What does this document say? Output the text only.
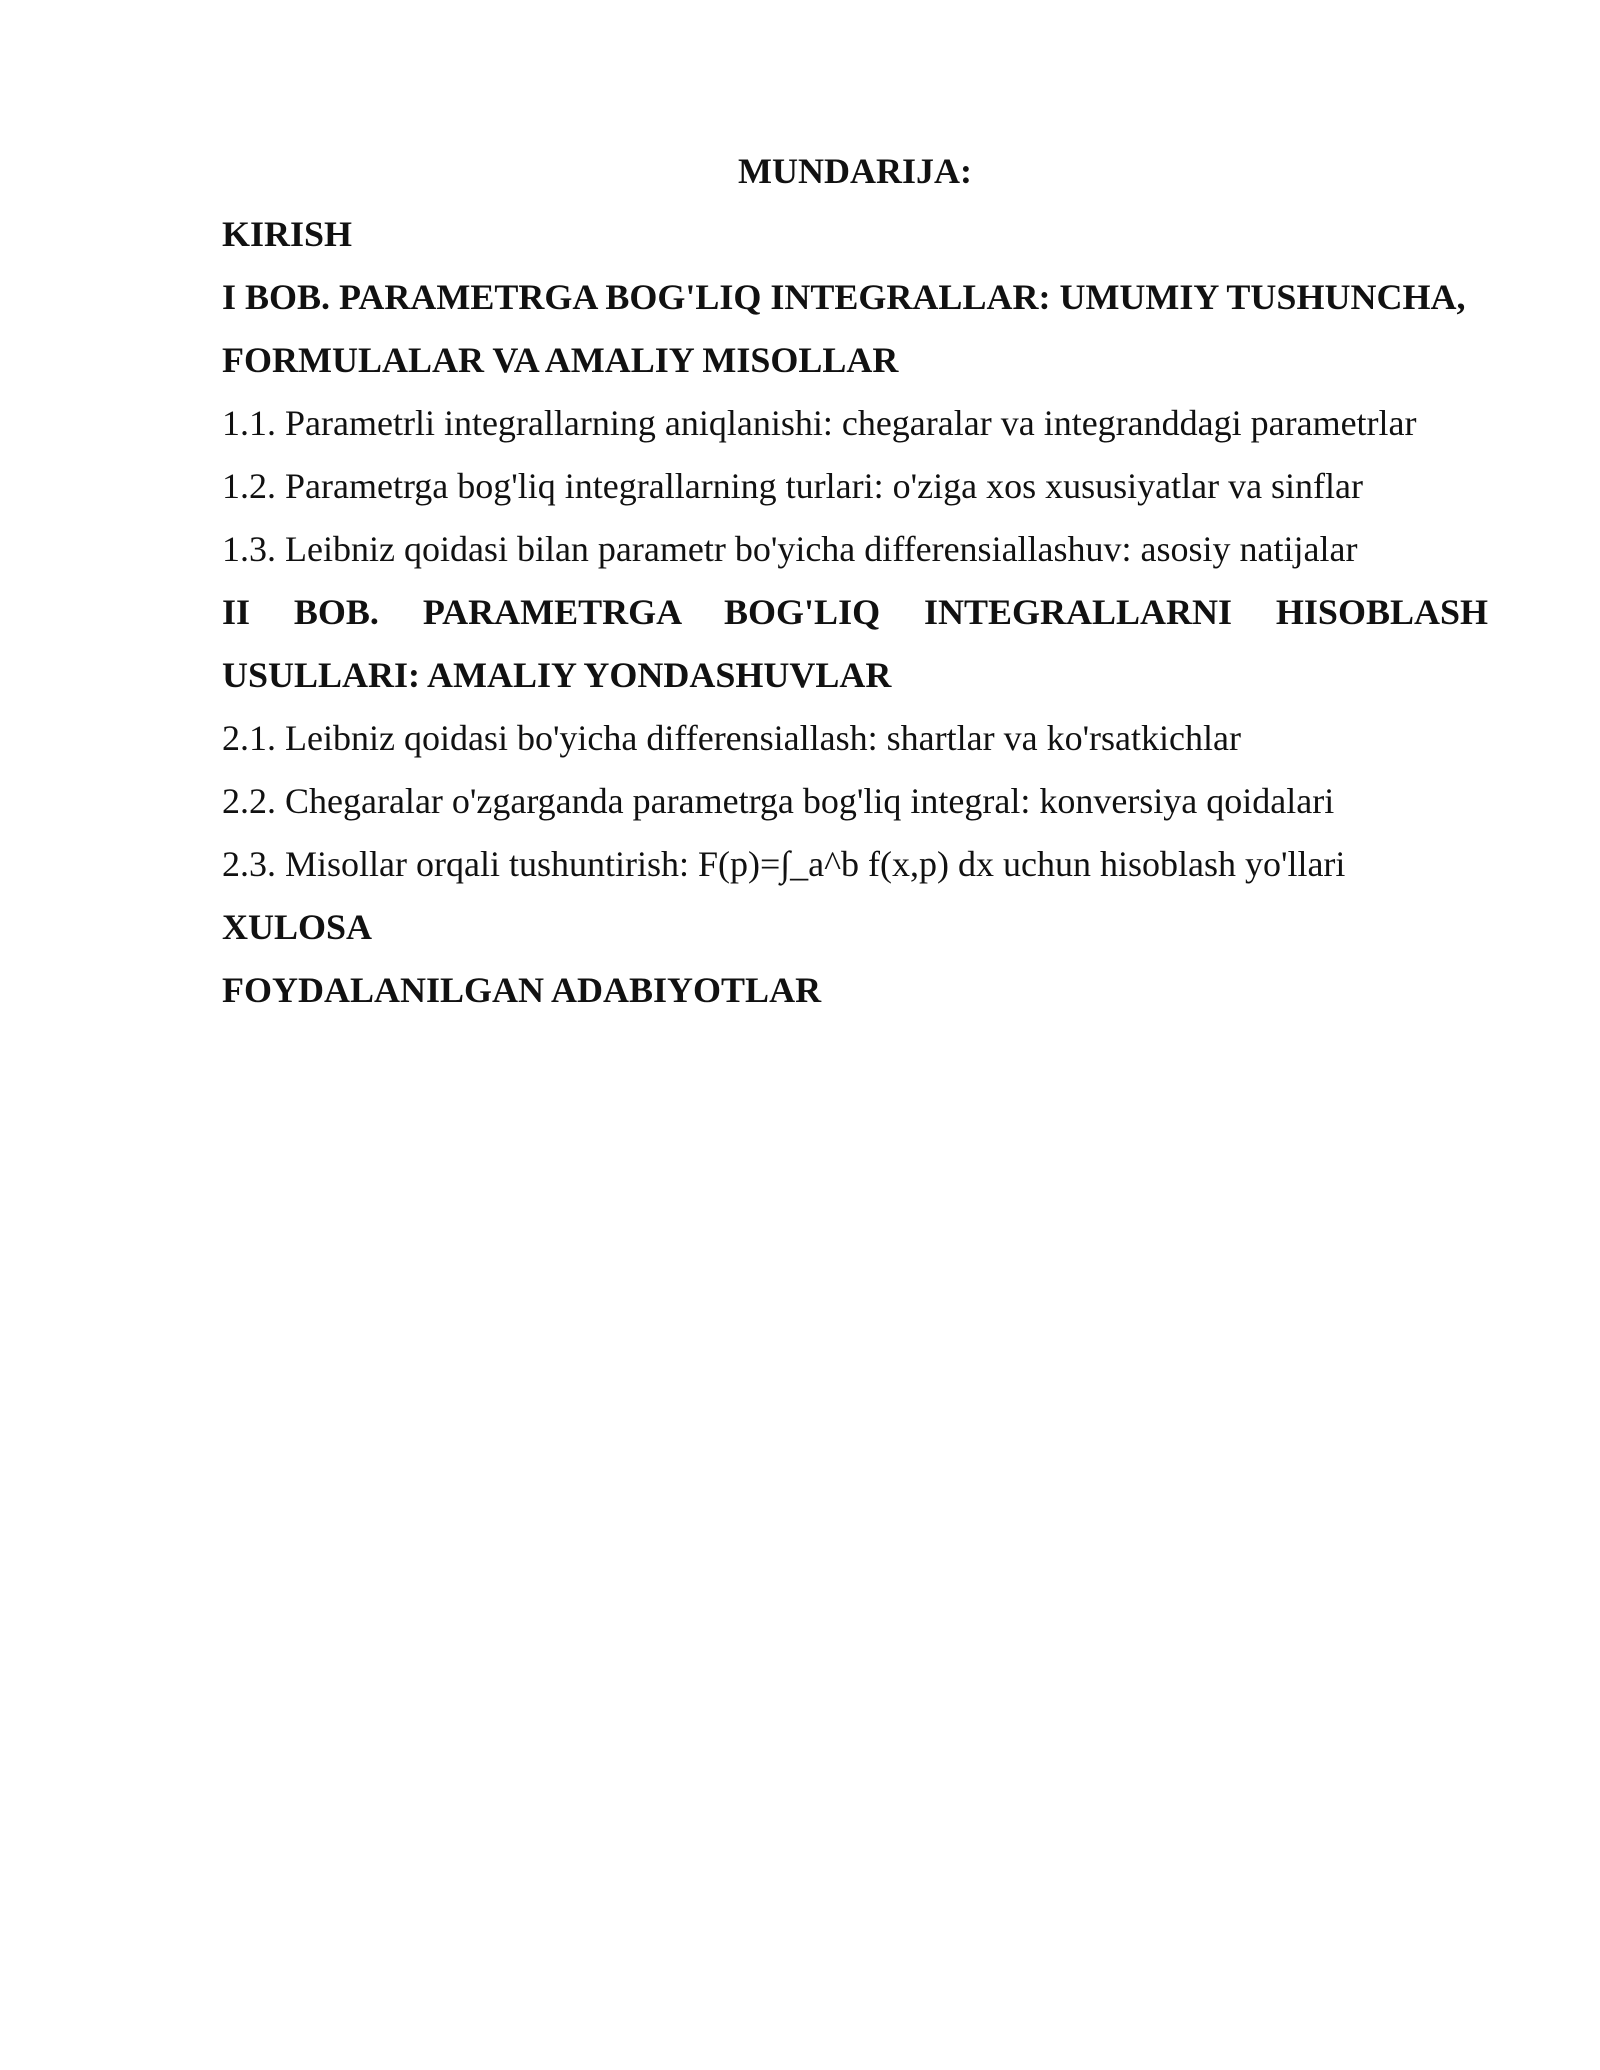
MUNDARIJA:

KIRISH

I BOB. PARAMETRGA BOG'LIQ INTEGRALLAR: UMUMIY TUSHUNCHA,

FORMULALAR VA AMALIY MISOLLAR

1.1. Parametrli integrallarning aniqlanishi: chegaralar va integranddagi parametrlar

1.2. Parametrga bog'liq integrallarning turlari: o'ziga xos xususiyatlar va sinflar

1.3. Leibniz qoidasi bilan parametr bo'yicha differensiallashuv: asosiy natijalar

II BOB. PARAMETRGA BOG'LIQ INTEGRALLARNI HISOBLASH

USULLARI: AMALIY YONDASHUVLAR

2.1. Leibniz qoidasi bo'yicha differensiallash: shartlar va ko'rsatkichlar

2.2. Chegaralar o'zgarganda parametrga bog'liq integral: konversiya qoidalari

2.3. Misollar orqali tushuntirish: F(p)=∫_a^b f(x,p) dx uchun hisoblash yo'llari

XULOSA

FOYDALANILGAN ADABIYOTLAR
